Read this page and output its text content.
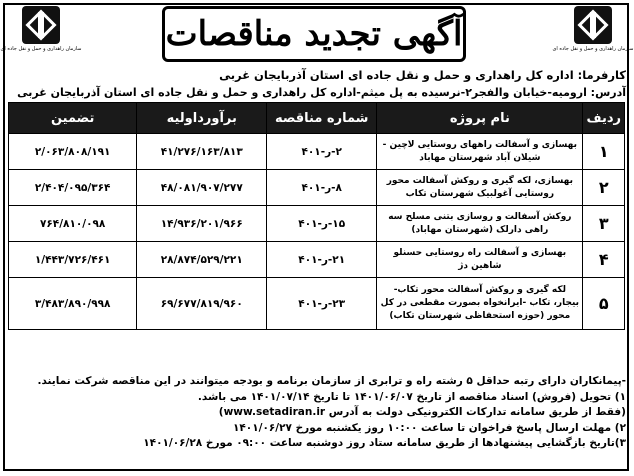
سازمان راهداری و حمل و نقل جاده ای
سازمان راهداری و حمل و نقل جاده ای آگهی تجدید مناقصات
کارفرما: اداره کل راهداری و حمل و نقل جاده ای استان آذربایجان غربی
آدرس: ارومیه-خیابان والفجر۲-نرسیده به پل میثم-اداره کل راهداری و حمل و نقل جاده ای استان آذربایجان غربی
ردیف	نام پروژه	شماره مناقصه	برآورداولیه	تضمین
۱	بهسازی و آسفالت راههای روستایی لاچین - شیلان آباد شهرستان مهاباد	۲-ر-۴۰۱	۴۱/۲۷۶/۱۶۳/۸۱۳	۲/۰۶۳/۸۰۸/۱۹۱
۲	بهسازی، لکه گیری و روکش آسفالت محور روستایی آغولبیک شهرستان تکاب	۸-ر-۴۰۱	۴۸/۰۸۱/۹۰۷/۲۷۷	۲/۴۰۴/۰۹۵/۳۶۴
۳	روکش آسفالت و روسازی بتنی مسلح سه راهی دارلک (شهرستان مهاباد)	۱۵-ر-۴۰۱	۱۴/۹۳۶/۲۰۱/۹۶۶	۷۶۴/۸۱۰/۰۹۸
۴	بهسازی و آسفالت راه روستایی حسنلو شاهین دژ	۲۱-ر-۴۰۱	۲۸/۸۷۴/۵۲۹/۲۲۱	۱/۴۴۳/۷۲۶/۴۶۱
۵	لکه گیری و روکش آسفالت محور تکاب- بیجار، تکاب -ایرانخواه بصورت مقطعی در کل محور (حوزه استحفاظی شهرستان تکاب)	۲۳-ر-۴۰۱	۶۹/۶۷۷/۸۱۹/۹۶۰	۳/۴۸۳/۸۹۰/۹۹۸
-پیمانکاران دارای رتبه حداقل ۵ رشته راه و ترابری از سازمان برنامه و بودجه میتوانند در این مناقصه شرکت نمایند.
۱) تحویل (فروش) اسناد مناقصه از تاریخ ۱۴۰۱/۰۶/۰۷ تا تاریخ ۱۴۰۱/۰۷/۱۴ می باشد.
(فقط از طریق سامانه تدارکات الکترونیکی دولت به آدرس www.setadiran.ir)
۲) مهلت ارسال پاسخ فراخوان تا ساعت ۱۰:۰۰ روز یکشنبه مورخ ۱۴۰۱/۰۶/۲۷
۳)تاریخ بازگشایی پیشنهادها از طریق سامانه ستاد روز دوشنبه ساعت ۰۹:۰۰ مورخ ۱۴۰۱/۰۶/۲۸
